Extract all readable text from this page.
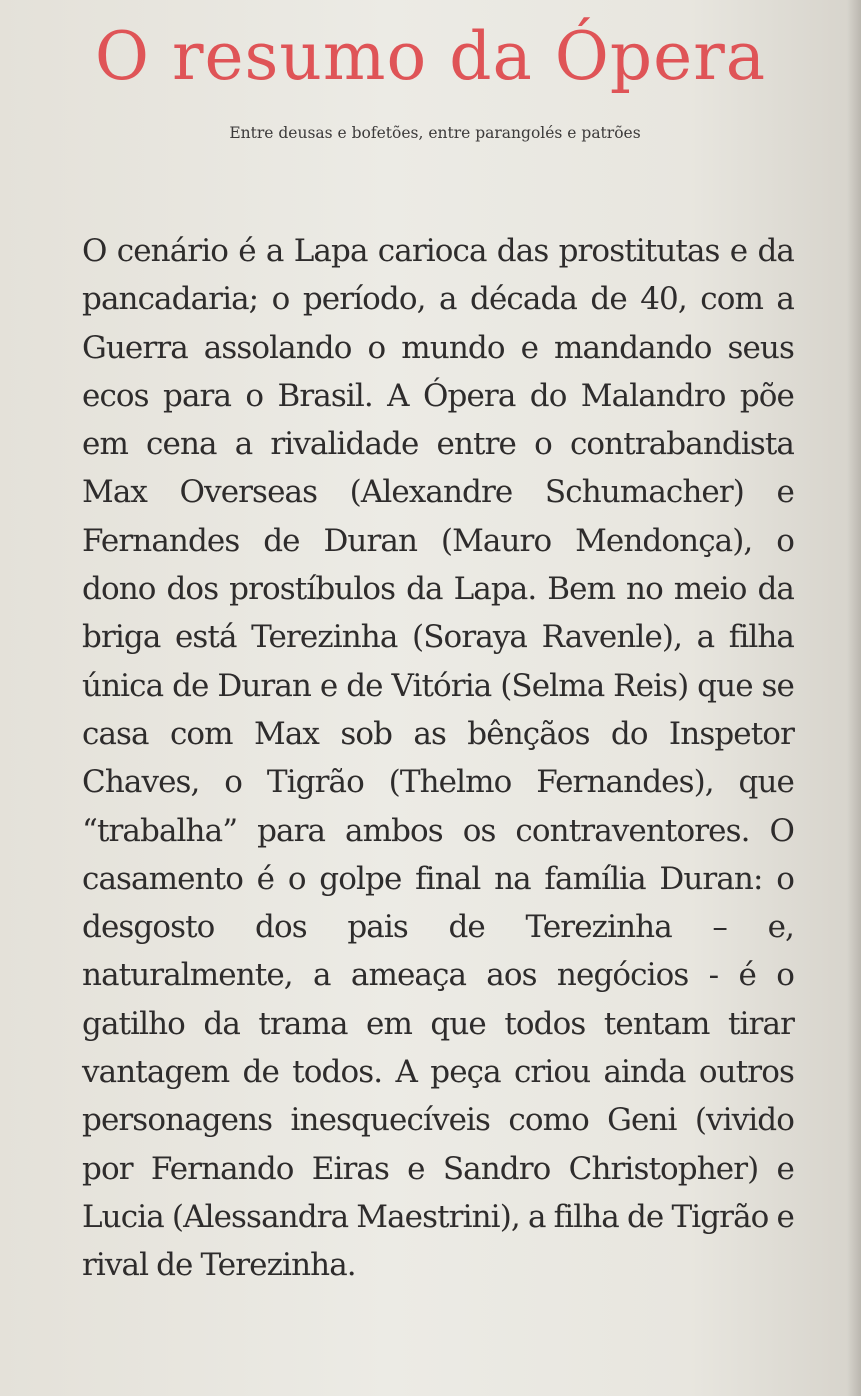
O resumo da Ópera

Entre deusas e bofetões, entre parangolés e patrões

O cenário é a Lapa carioca das prostitutas e da pancadaria; o período, a década de 40, com a Guerra assolando o mundo e mandando seus ecos para o Brasil. A Ópera do Malandro põe em cena a rivalidade entre o contrabandista Max Overseas (Alexandre Schumacher) e Fernandes de Duran (Mauro Mendonça), o dono dos prostíbulos da Lapa. Bem no meio da briga está Terezinha (Soraya Ravenle), a filha única de Duran e de Vitória (Selma Reis) que se casa com Max sob as bênçãos do Inspetor Chaves, o Tigrão (Thelmo Fernandes), que “trabalha” para ambos os contraventores. O casamento é o golpe final na família Duran: o desgosto dos pais de Terezinha – e, naturalmente, a ameaça aos negócios - é o gatilho da trama em que todos tentam tirar vantagem de todos. A peça criou ainda outros personagens inesquecíveis como Geni (vivido por Fernando Eiras e Sandro Christopher) e Lucia (Alessandra Maestrini), a filha de Tigrão e rival de Terezinha.
